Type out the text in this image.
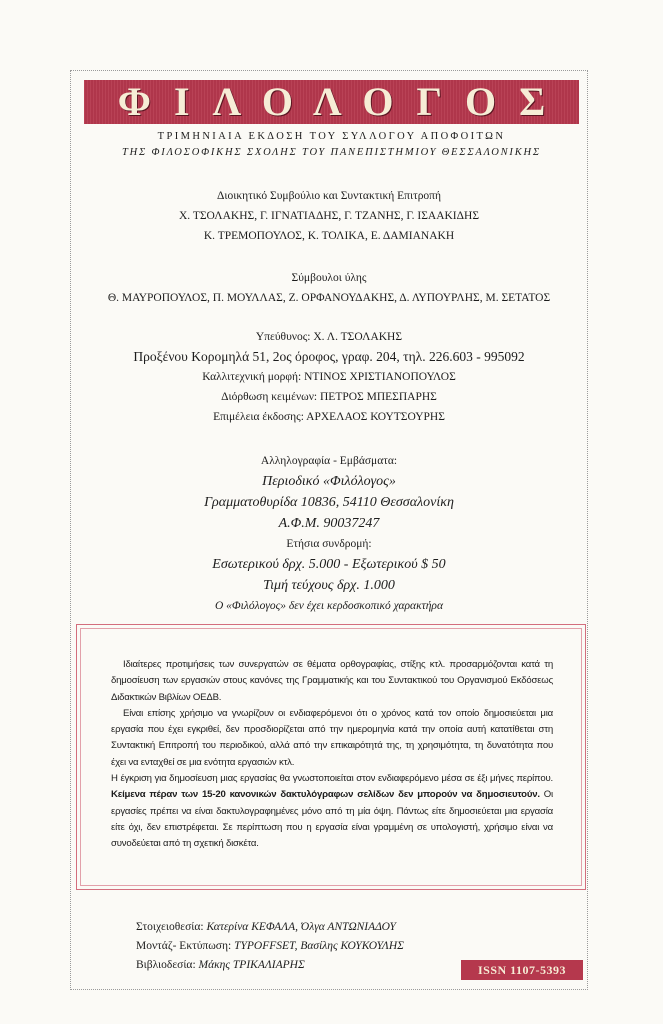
ΦΙΛΟΛΟΓΟΣ
ΤΡΙΜΗΝΙΑΙΑ ΕΚΔΟΣΗ ΤΟΥ ΣΥΛΛΟΓΟΥ ΑΠΟΦΟΙΤΩΝ
ΤΗΣ ΦΙΛΟΣΟΦΙΚΗΣ ΣΧΟΛΗΣ ΤΟΥ ΠΑΝΕΠΙΣΤΗΜΙΟΥ ΘΕΣΣΑΛΟΝΙΚΗΣ
Διοικητικό Συμβούλιο και Συντακτική Επιτροπή
Χ. ΤΣΟΛΑΚΗΣ, Γ. ΙΓΝΑΤΙΑΔΗΣ, Γ. ΤΖΑΝΗΣ, Γ. ΙΣΑΑΚΙΔΗΣ
Κ. ΤΡΕΜΟΠΟΥΛΟΣ, Κ. ΤΟΛΙΚΑ, Ε. ΔΑΜΙΑΝΑΚΗ
Σύμβουλοι ύλης
Θ. ΜΑΥΡΟΠΟΥΛΟΣ, Π. ΜΟΥΛΛΑΣ, Ζ. ΟΡΦΑΝΟΥΔΑΚΗΣ, Δ. ΛΥΠΟΥΡΛΗΣ, Μ. ΣΕΤΑΤΟΣ
Υπεύθυνος: Χ. Λ. ΤΣΟΛΑΚΗΣ
Προξένου Κορομηλά 51, 2ος όροφος, γραφ. 204, τηλ. 226.603 - 995092
Καλλιτεχνική μορφή: ΝΤΙΝΟΣ ΧΡΙΣΤΙΑΝΟΠΟΥΛΟΣ
Διόρθωση κειμένων: ΠΕΤΡΟΣ ΜΠΕΣΠΑΡΗΣ
Επιμέλεια έκδοσης: ΑΡΧΕΛΑΟΣ ΚΟΥΤΣΟΥΡΗΣ
Αλληλογραφία - Εμβάσματα:
Περιοδικό «Φιλόλογος»
Γραμματοθυρίδα 10836, 54110 Θεσσαλονίκη
Α.Φ.Μ. 90037247
Ετήσια συνδρομή:
Εσωτερικού δρχ. 5.000 - Εξωτερικού $ 50
Τιμή τεύχους δρχ. 1.000
Ο «Φιλόλογος» δεν έχει κερδοσκοπικό χαρακτήρα

Ιδιαίτερες προτιμήσεις των συνεργατών σε θέματα ορθογραφίας, στίξης κτλ. προσαρμόζονται κατά τη δημοσίευση των εργασιών στους κανόνες της Γραμματικής και του Συντακτικού του Οργανισμού Εκδόσεως Διδακτικών Βιβλίων ΟΕΔΒ.

Είναι επίσης χρήσιμο να γνωρίζουν οι ενδιαφερόμενοι ότι ο χρόνος κατά τον οποίο δημοσιεύεται μια εργασία που έχει εγκριθεί, δεν προσδιορίζεται από την ημερομηνία κατά την οποία αυτή κατατίθεται στη Συντακτική Επιτροπή του περιοδικού, αλλά από την επικαιρότητά της, τη χρησιμότητα, τη δυνατότητα που έχει να ενταχθεί σε μια ενότητα εργασιών κτλ.

Η έγκριση για δημοσίευση μιας εργασίας θα γνωστοποιείται στον ενδιαφερόμενο μέσα σε έξι μήνες περίπου. Κείμενα πέραν των 15-20 κανονικών δακτυλόγραφων σελίδων δεν μπορούν να δημοσιευτούν. Οι εργασίες πρέπει να είναι δακτυλογραφημένες μόνο από τη μία όψη. Πάντως είτε δημοσιεύεται μια εργασία είτε όχι, δεν επιστρέφεται. Σε περίπτωση που η εργασία είναι γραμμένη σε υπολογιστή, χρήσιμο είναι να συνοδεύεται από τη σχετική δισκέτα.

Στοιχειοθεσία: Κατερίνα ΚΕΦΑΛΑ, Όλγα ΑΝΤΩΝΙΑΔΟΥ
Μοντάζ- Εκτύπωση: TYPOFFSET, Βασίλης ΚΟΥΚΟΥΛΗΣ
Βιβλιοδεσία: Μάκης ΤΡΙΚΑΛΙΑΡΗΣ	ISSN 1107-5393
